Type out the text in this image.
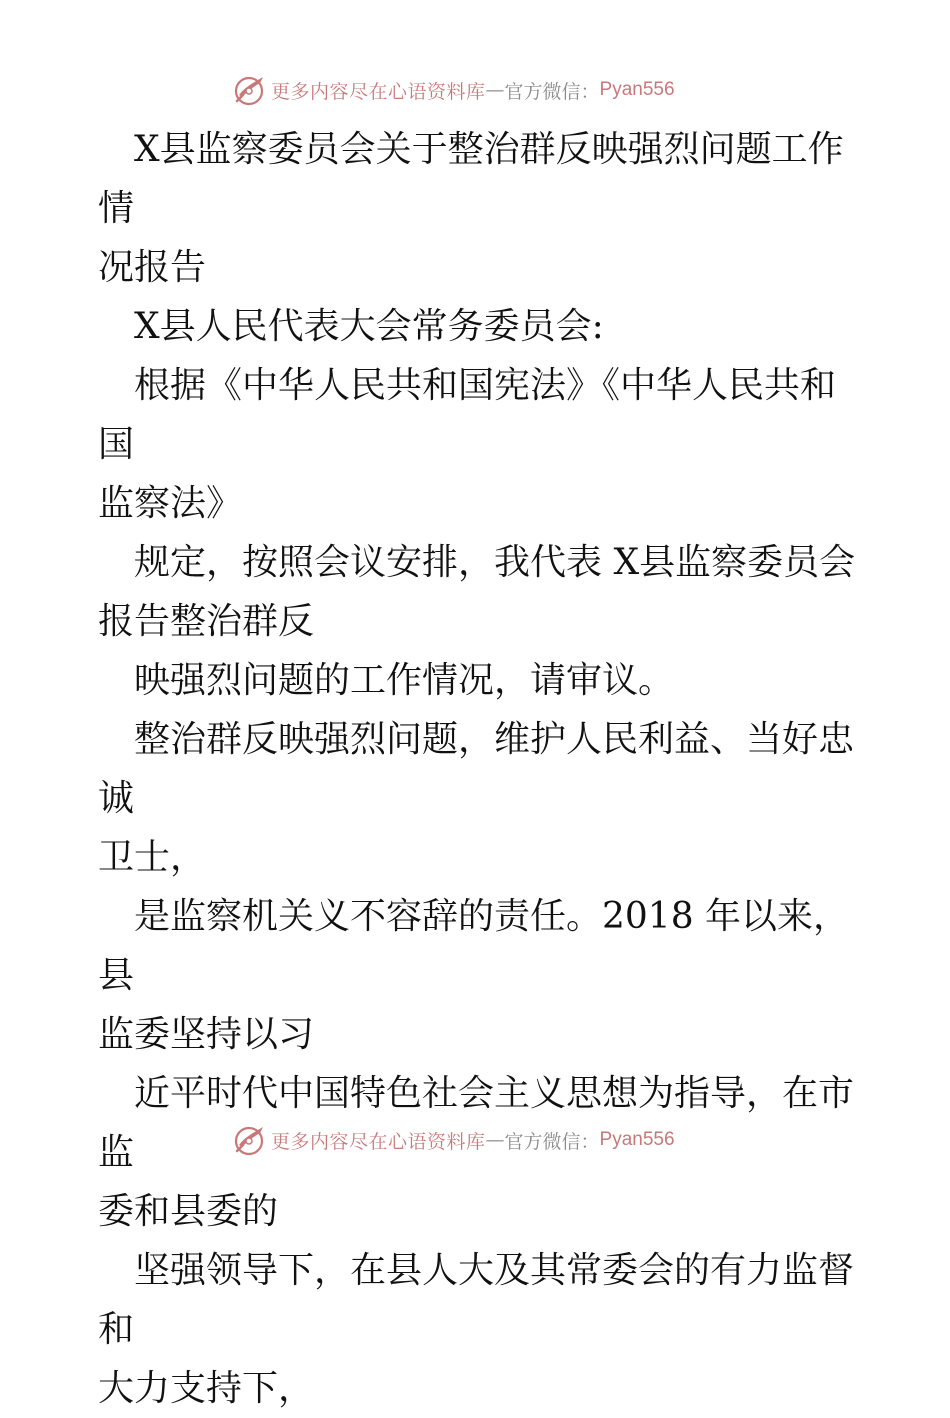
更多内容尽在心语资料库 — 官方微信： Pyan556

X县监察委员会关于整治群反映强烈问题工作情

况报告

X县人民代表大会常务委员会:

根据《中华人民共和国宪法》《中华人民共和国

监察法》

规定，按照会议安排，我代表 X县监察委员会

报告整治群反

映强烈问题的工作情况，请审议。

整治群反映强烈问题，维护人民利益、当好忠诚

卫士，

是监察机关义不容辞的责任。2018 年以来，县

监委坚持以习

近平时代中国特色社会主义思想为指导，在市监

委和县委的

坚强领导下，在县人大及其常委会的有力监督和

大力支持下，

更多内容尽在心语资料库 — 官方微信： Pyan556
